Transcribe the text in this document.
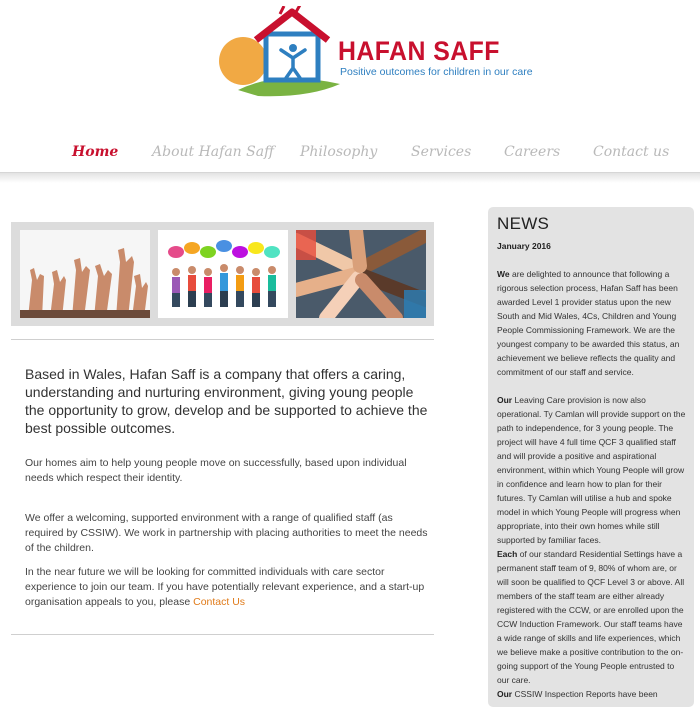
HAFAN SAFF
Positive outcomes for children in our care
Home About Hafan Saff Philosophy Services Careers Contact us
Based in Wales, Hafan Saff is a company that offers a caring, understanding and nurturing environment, giving young people the opportunity to grow, develop and be supported to achieve the best possible outcomes.
Our homes aim to help young people move on successfully, based upon individual needs which respect their identity.
We offer a welcoming, supported environment with a range of qualified staff (as required by CSSIW). We work in partnership with placing authorities to meet the needs of the children.
In the near future we will be looking for committed individuals with care sector experience to join our team. If you have potentially relevant experience, and a start-up organisation appeals to you, please Contact Us
NEWS
January 2016
We are delighted to announce that following a rigorous selection process, Hafan Saff has been awarded Level 1 provider status upon the new South and Mid Wales, 4Cs, Children and Young People Commissioning Framework. We are the youngest company to be awarded this status, an achievement we believe reflects the quality and commitment of our staff and service.
Our Leaving Care provision is now also operational. Ty Camlan will provide support on the path to independence, for 3 young people. The project will have 4 full time QCF 3 qualified staff and will provide a positive and aspirational environment, within which Young People will grow in confidence and learn how to plan for their futures. Ty Camlan will utilise a hub and spoke model in which Young People will progress when appropriate, into their own homes while still supported by familiar faces.
Each of our standard Residential Settings have a permanent staff team of 9, 80% of whom are, or will soon be qualified to QCF Level 3 or above. All members of the staff team are either already registered with the CCW, or are enrolled upon the CCW Induction Framework. Our staff teams have a wide range of skills and life experiences, which we believe make a positive contribution to the on-going support of the Young People entrusted to our care.
Our CSSIW Inspection Reports have been
